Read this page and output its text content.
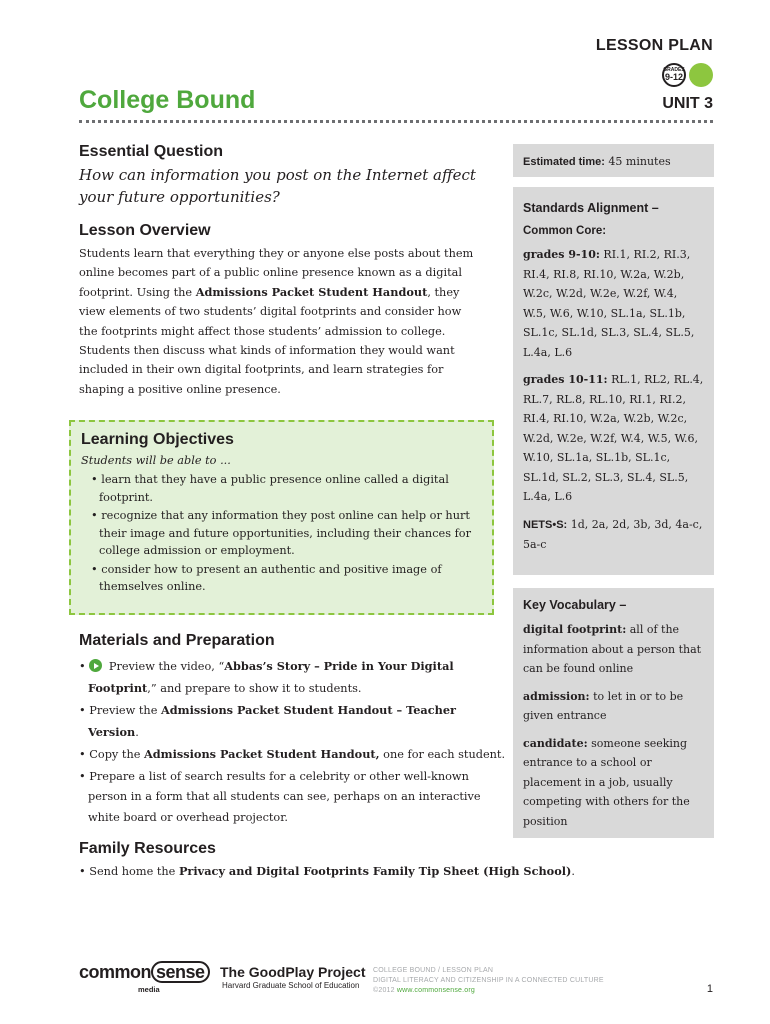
LESSON PLAN
GRADES
9-12
UNIT 3
College Bound
Essential Question
How can information you post on the Internet affect your future opportunities?
Lesson Overview
Students learn that everything they or anyone else posts about them online becomes part of a public online presence known as a digital footprint. Using the Admissions Packet Student Handout, they view elements of two students’ digital footprints and consider how the footprints might affect those students’ admission to college. Students then discuss what kinds of information they would want included in their own digital footprints, and learn strategies for shaping a positive online presence.
Learning Objectives
Students will be able to ...
• learn that they have a public presence online called a digital footprint.
• recognize that any information they post online can help or hurt their image and future opportunities, including their chances for college admission or employment.
• consider how to present an authentic and positive image of themselves online.
Materials and Preparation
•  Preview the video, “Abbas’s Story – Pride in Your Digital Footprint,” and prepare to show it to students.
• Preview the Admissions Packet Student Handout – Teacher Version.
• Copy the Admissions Packet Student Handout, one for each student.
• Prepare a list of search results for a celebrity or other well-known person in a form that all students can see, perhaps on an interactive white board or overhead projector.
Family Resources
• Send home the Privacy and Digital Footprints Family Tip Sheet (High School).
Estimated time: 45 minutes
Standards Alignment –
Common Core:
grades 9-10: RI.1, RI.2, RI.3, RI.4, RI.8, RI.10, W.2a, W.2b, W.2c, W.2d, W.2e, W.2f, W.4, W.5, W.6, W.10, SL.1a, SL.1b, SL.1c, SL.1d, SL.3, SL.4, SL.5, L.4a, L.6
grades 10-11: RL.1, RL2, RL.4, RL.7, RL.8, RL.10, RI.1, RI.2, RI.4, RI.10, W.2a, W.2b, W.2c, W.2d, W.2e, W.2f, W.4, W.5, W.6, W.10, SL.1a, SL.1b, SL.1c, SL.1d, SL.2, SL.3, SL.4, SL.5, L.4a, L.6
NETS•S: 1d, 2a, 2d, 3b, 3d, 4a-c, 5a-c
Key Vocabulary –
digital footprint: all of the information about a person that can be found online
admission: to let in or to be given entrance
candidate: someone seeking entrance to a school or placement in a job, usually competing with others for the position
common sense
media
The GoodPlay Project
Harvard Graduate School of Education
COLLEGE BOUND / LESSON PLAN
DIGITAL LITERACY AND CITIZENSHIP IN A CONNECTED CULTURE
©2012 www.commonsense.org	1
